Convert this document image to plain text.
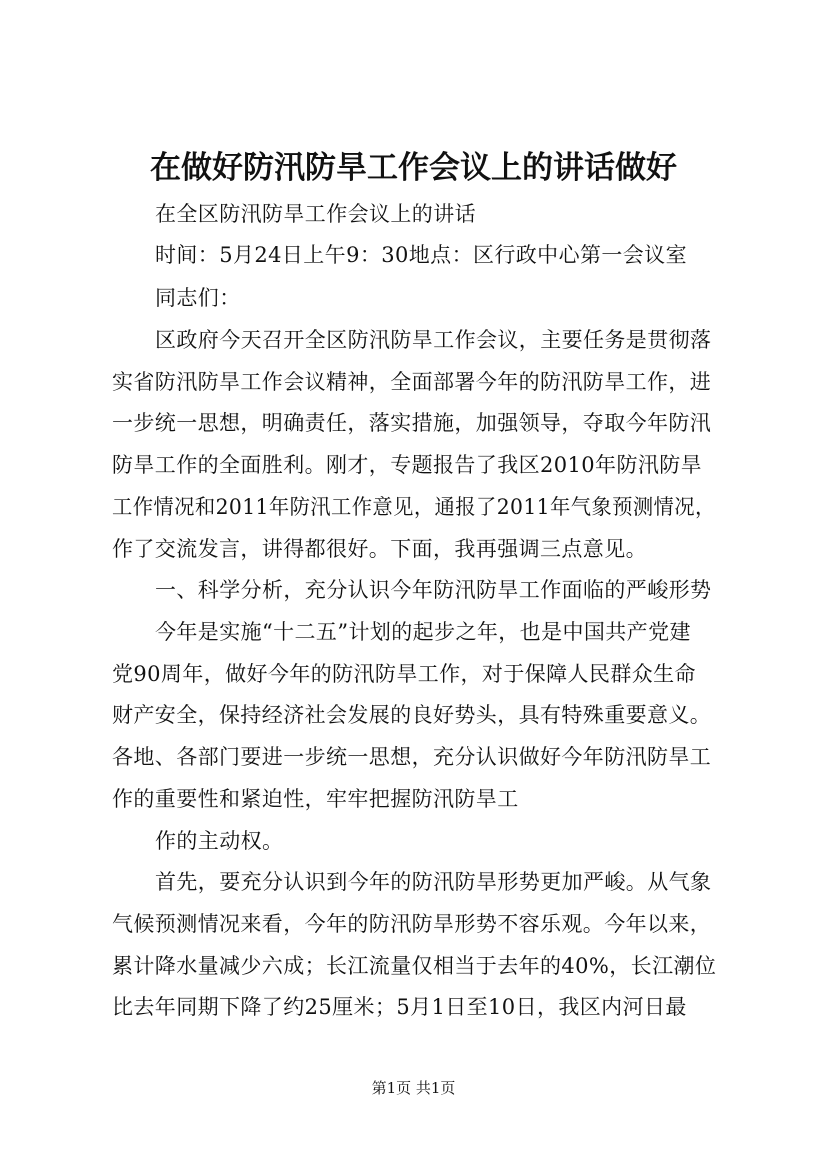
在做好防汛防旱工作会议上的讲话做好
在全区防汛防旱工作会议上的讲话
时间：5月24日上午9：30地点：区行政中心第一会议室
同志们：
区政府今天召开全区防汛防旱工作会议，主要任务是贯彻落
实省防汛防旱工作会议精神，全面部署今年的防汛防旱工作，进
一步统一思想，明确责任，落实措施，加强领导，夺取今年防汛
防旱工作的全面胜利。刚才，专题报告了我区2010年防汛防旱
工作情况和2011年防汛工作意见，通报了2011年气象预测情况，
作了交流发言，讲得都很好。下面，我再强调三点意见。
一、科学分析，充分认识今年防汛防旱工作面临的严峻形势
今年是实施“十二五”计划的起步之年，也是中国共产党建
党90周年，做好今年的防汛防旱工作，对于保障人民群众生命
财产安全，保持经济社会发展的良好势头，具有特殊重要意义。
各地、各部门要进一步统一思想，充分认识做好今年防汛防旱工
作的重要性和紧迫性，牢牢把握防汛防旱工
作的主动权。
首先，要充分认识到今年的防汛防旱形势更加严峻。从气象
气候预测情况来看，今年的防汛防旱形势不容乐观。今年以来，
累计降水量减少六成；长江流量仅相当于去年的40%，长江潮位
比去年同期下降了约25厘米；5月1日至10日，我区内河日最
第1页 共1页
